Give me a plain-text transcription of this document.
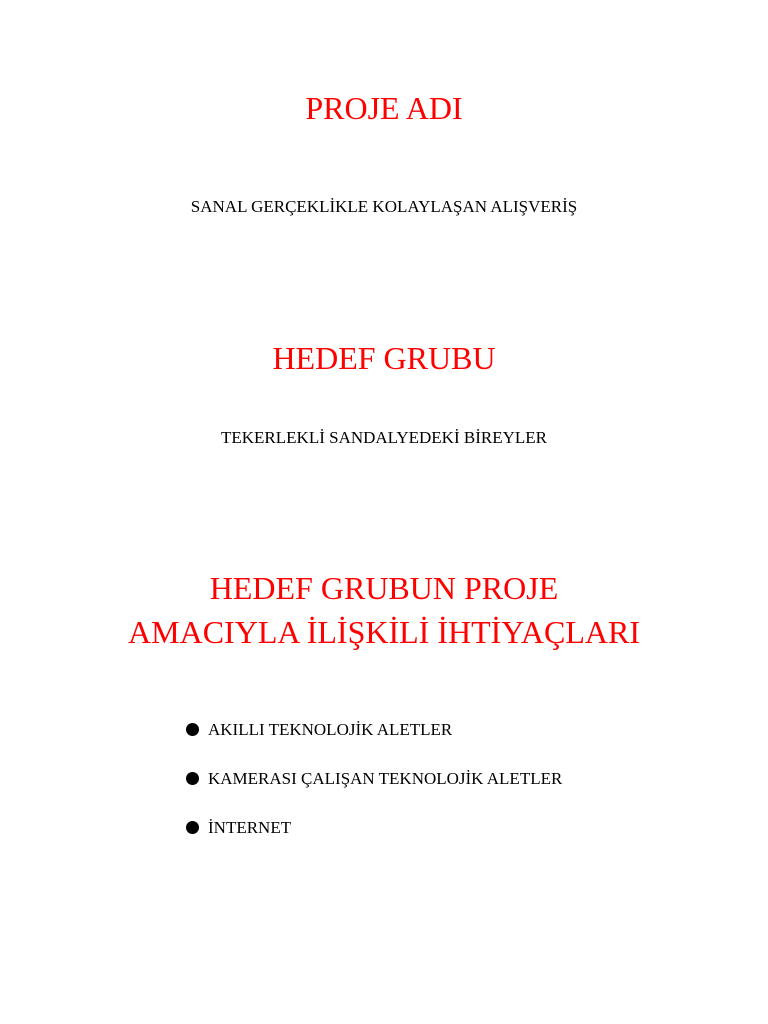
PROJE ADI

SANAL GERÇEKLİKLE KOLAYLAŞAN ALIŞVERİŞ

HEDEF GRUBU

TEKERLEKLİ SANDALYEDEKİ BİREYLER

HEDEF GRUBUN PROJE
AMACIYLA İLİŞKİLİ İHTİYAÇLARI
AKILLI TEKNOLOJİK ALETLER
KAMERASI ÇALIŞAN TEKNOLOJİK ALETLER
İNTERNET
